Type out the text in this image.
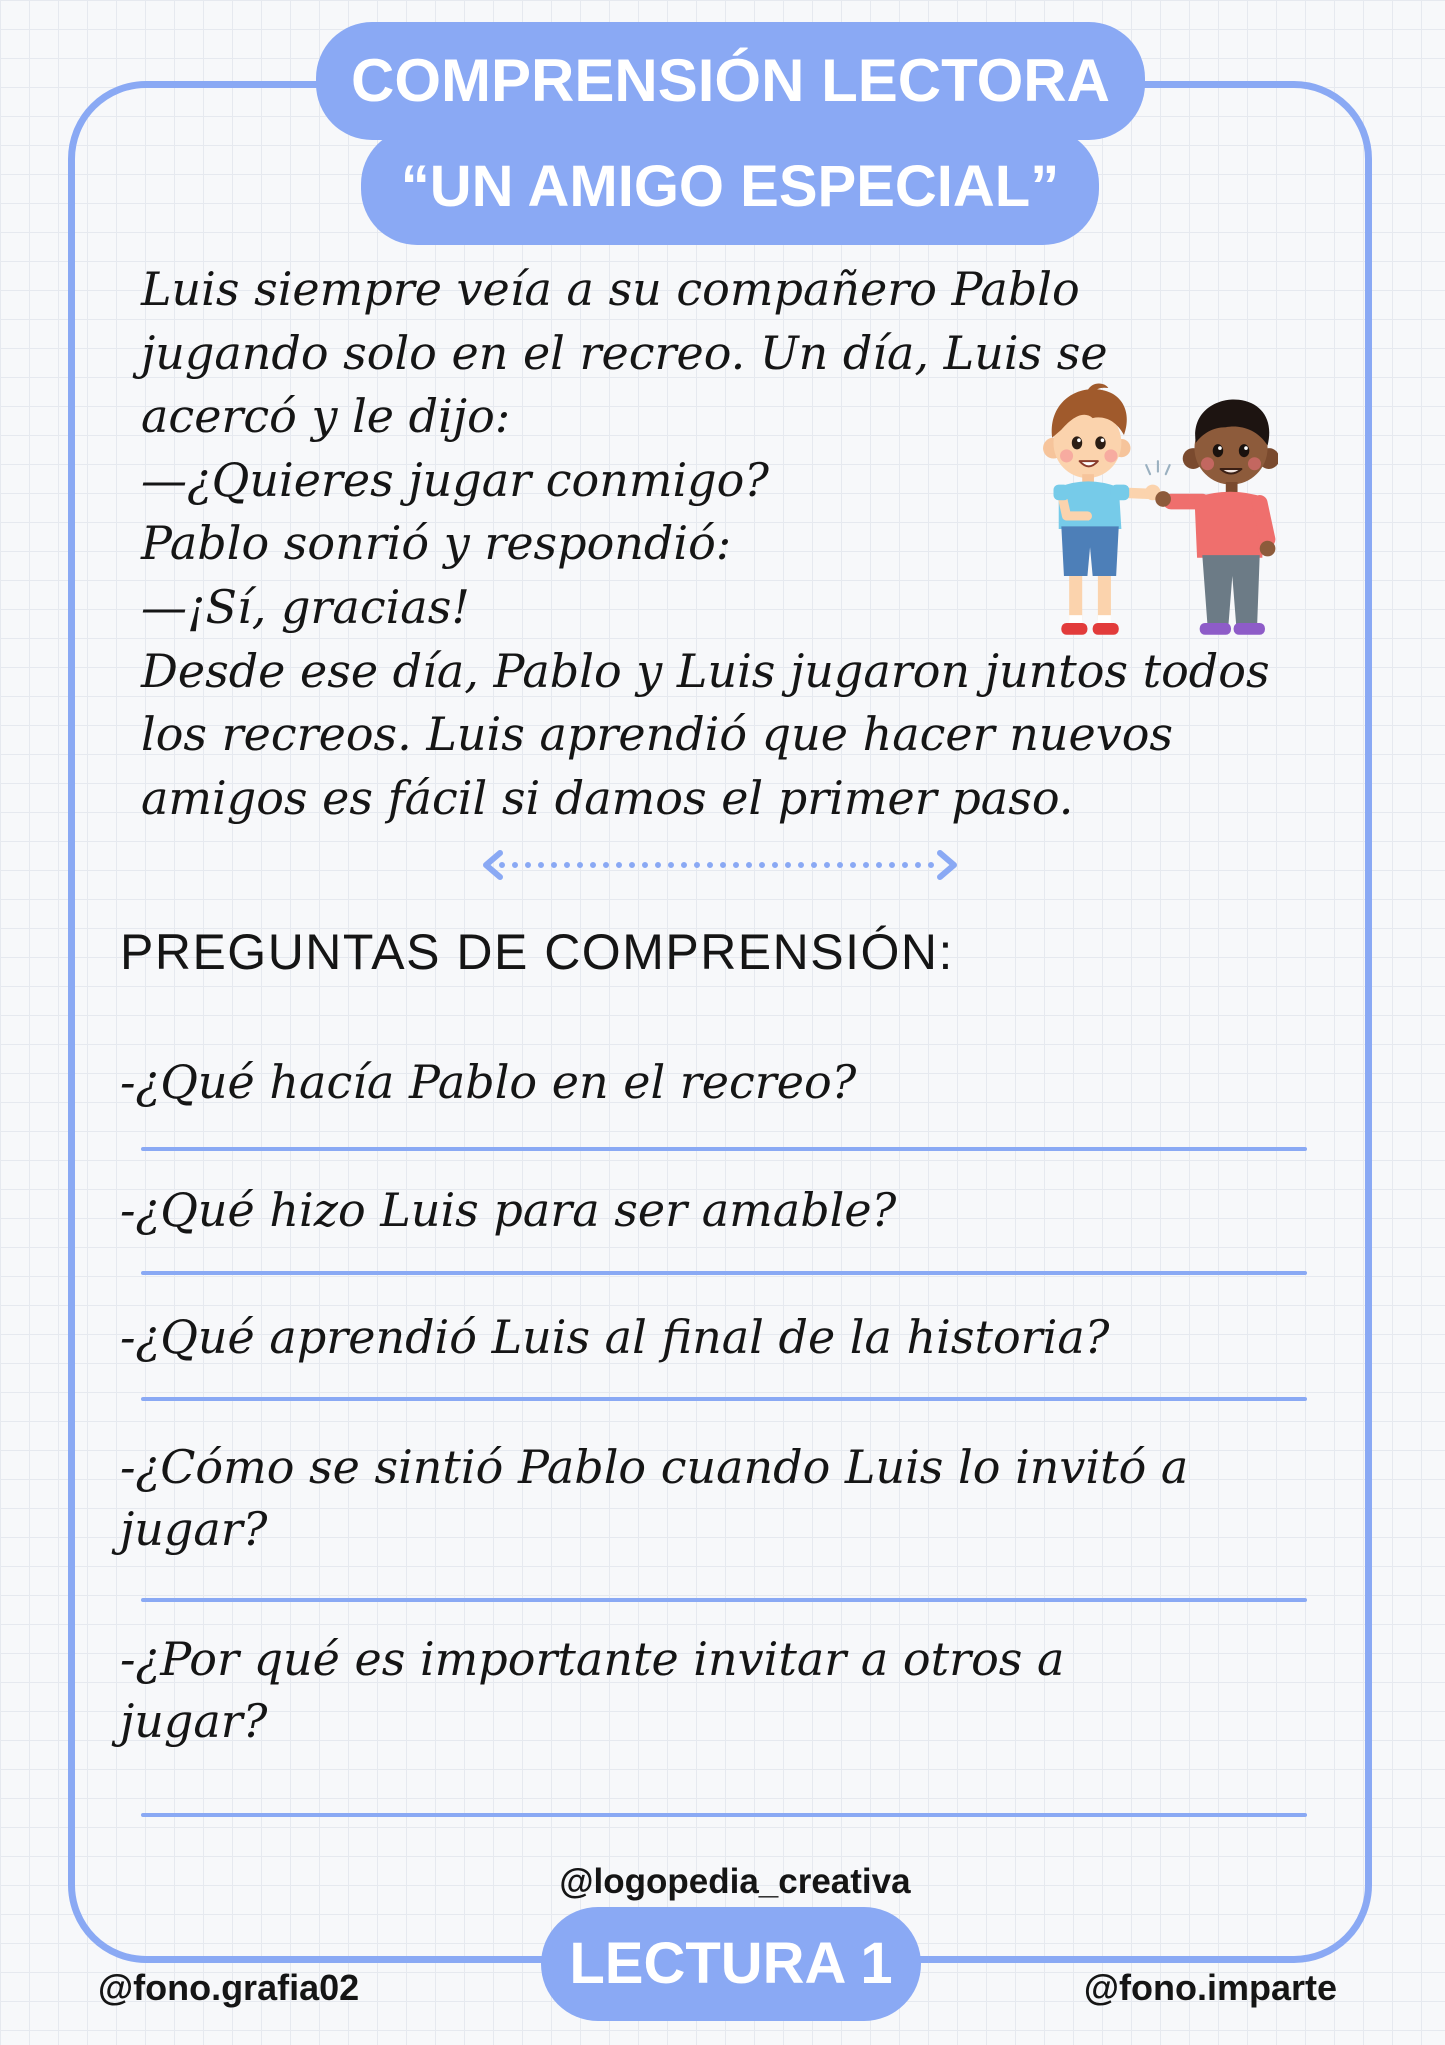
COMPRENSIÓN LECTORA
“UN AMIGO ESPECIAL”
Luis siempre veía a su compañero Pablo
jugando solo en el recreo. Un día, Luis se
acercó y le dijo:
—¿Quieres jugar conmigo?
Pablo sonrió y respondió:
—¡Sí, gracias!
Desde ese día, Pablo y Luis jugaron juntos todos
los recreos. Luis aprendió que hacer nuevos
amigos es fácil si damos el primer paso.
PREGUNTAS DE COMPRENSIÓN:
-¿Qué hacía Pablo en el recreo?
-¿Qué hizo Luis para ser amable?
-¿Qué aprendió Luis al final de la historia?
-¿Cómo se sintió Pablo cuando Luis lo invitó a
jugar?
-¿Por qué es importante invitar a otros a
jugar?
@logopedia_creativa
LECTURA 1
@fono.grafia02	@fono.imparte
